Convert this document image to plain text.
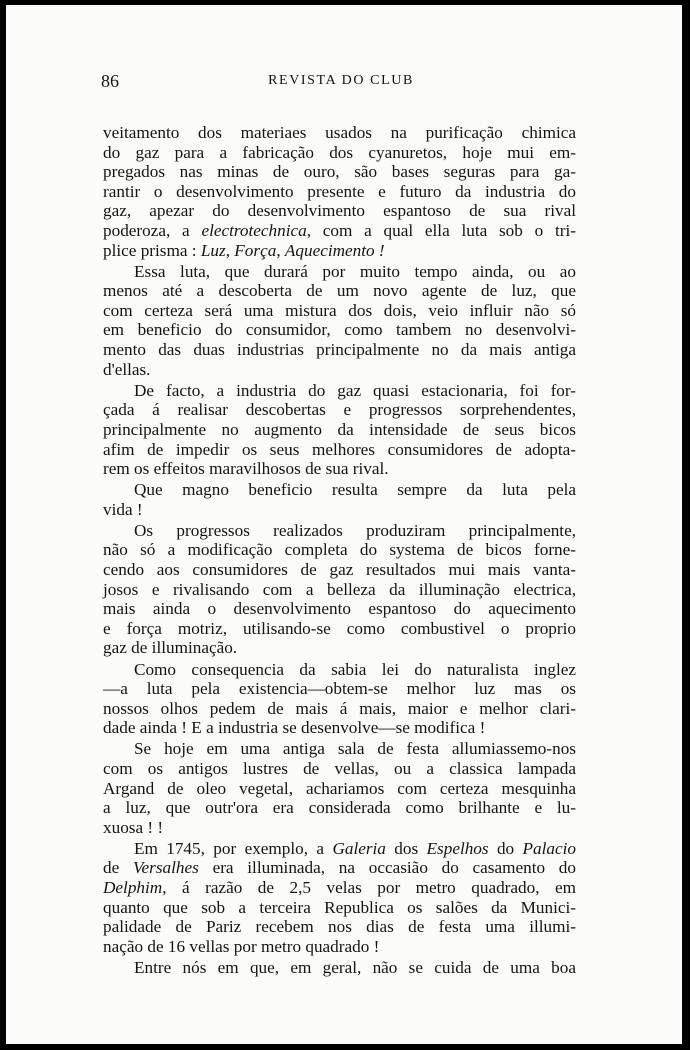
86	REVISTA DO CLUB
veitamento dos materiaes usados na purificação chimica
do gaz para a fabricação dos cyanuretos, hoje mui em-
pregados nas minas de ouro, são bases seguras para ga-
rantir o desenvolvimento presente e futuro da industria do
gaz, apezar do desenvolvimento espantoso de sua rival
poderoza, a electrotechnica, com a qual ella luta sob o tri-
plice prisma : Luz, Força, Aquecimento !
Essa luta, que durará por muito tempo ainda, ou ao
menos até a descoberta de um novo agente de luz, que
com certeza será uma mistura dos dois, veio influir não só
em beneficio do consumidor, como tambem no desenvolvi-
mento das duas industrias principalmente no da mais antiga
d'ellas.
De facto, a industria do gaz quasi estacionaria, foi for-
çada á realisar descobertas e progressos sorprehendentes,
principalmente no augmento da intensidade de seus bicos
afim de impedir os seus melhores consumidores de adopta-
rem os effeitos maravilhosos de sua rival.
Que magno beneficio resulta sempre da luta pela
vida !
Os progressos realizados produziram principalmente,
não só a modificação completa do systema de bicos forne-
cendo aos consumidores de gaz resultados mui mais vanta-
josos e rivalisando com a belleza da illuminação electrica,
mais ainda o desenvolvimento espantoso do aquecimento
e força motriz, utilisando-se como combustivel o proprio
gaz de illuminação.
Como consequencia da sabia lei do naturalista inglez
—a luta pela existencia—obtem-se melhor luz mas os
nossos olhos pedem de mais á mais, maior e melhor clari-
dade ainda ! E a industria se desenvolve—se modifica !
Se hoje em uma antiga sala de festa allumiassemo-nos
com os antigos lustres de vellas, ou a classica lampada
Argand de oleo vegetal, achariamos com certeza mesquinha
a luz, que outr'ora era considerada como brilhante e lu-
xuosa ! !
Em 1745, por exemplo, a Galeria dos Espelhos do Palacio
de Versalhes era illuminada, na occasião do casamento do
Delphim, á razão de 2,5 velas por metro quadrado, em
quanto que sob a terceira Republica os salões da Munici-
palidade de Pariz recebem nos dias de festa uma illumi-
nação de 16 vellas por metro quadrado !
Entre nós em que, em geral, não se cuida de uma boa
